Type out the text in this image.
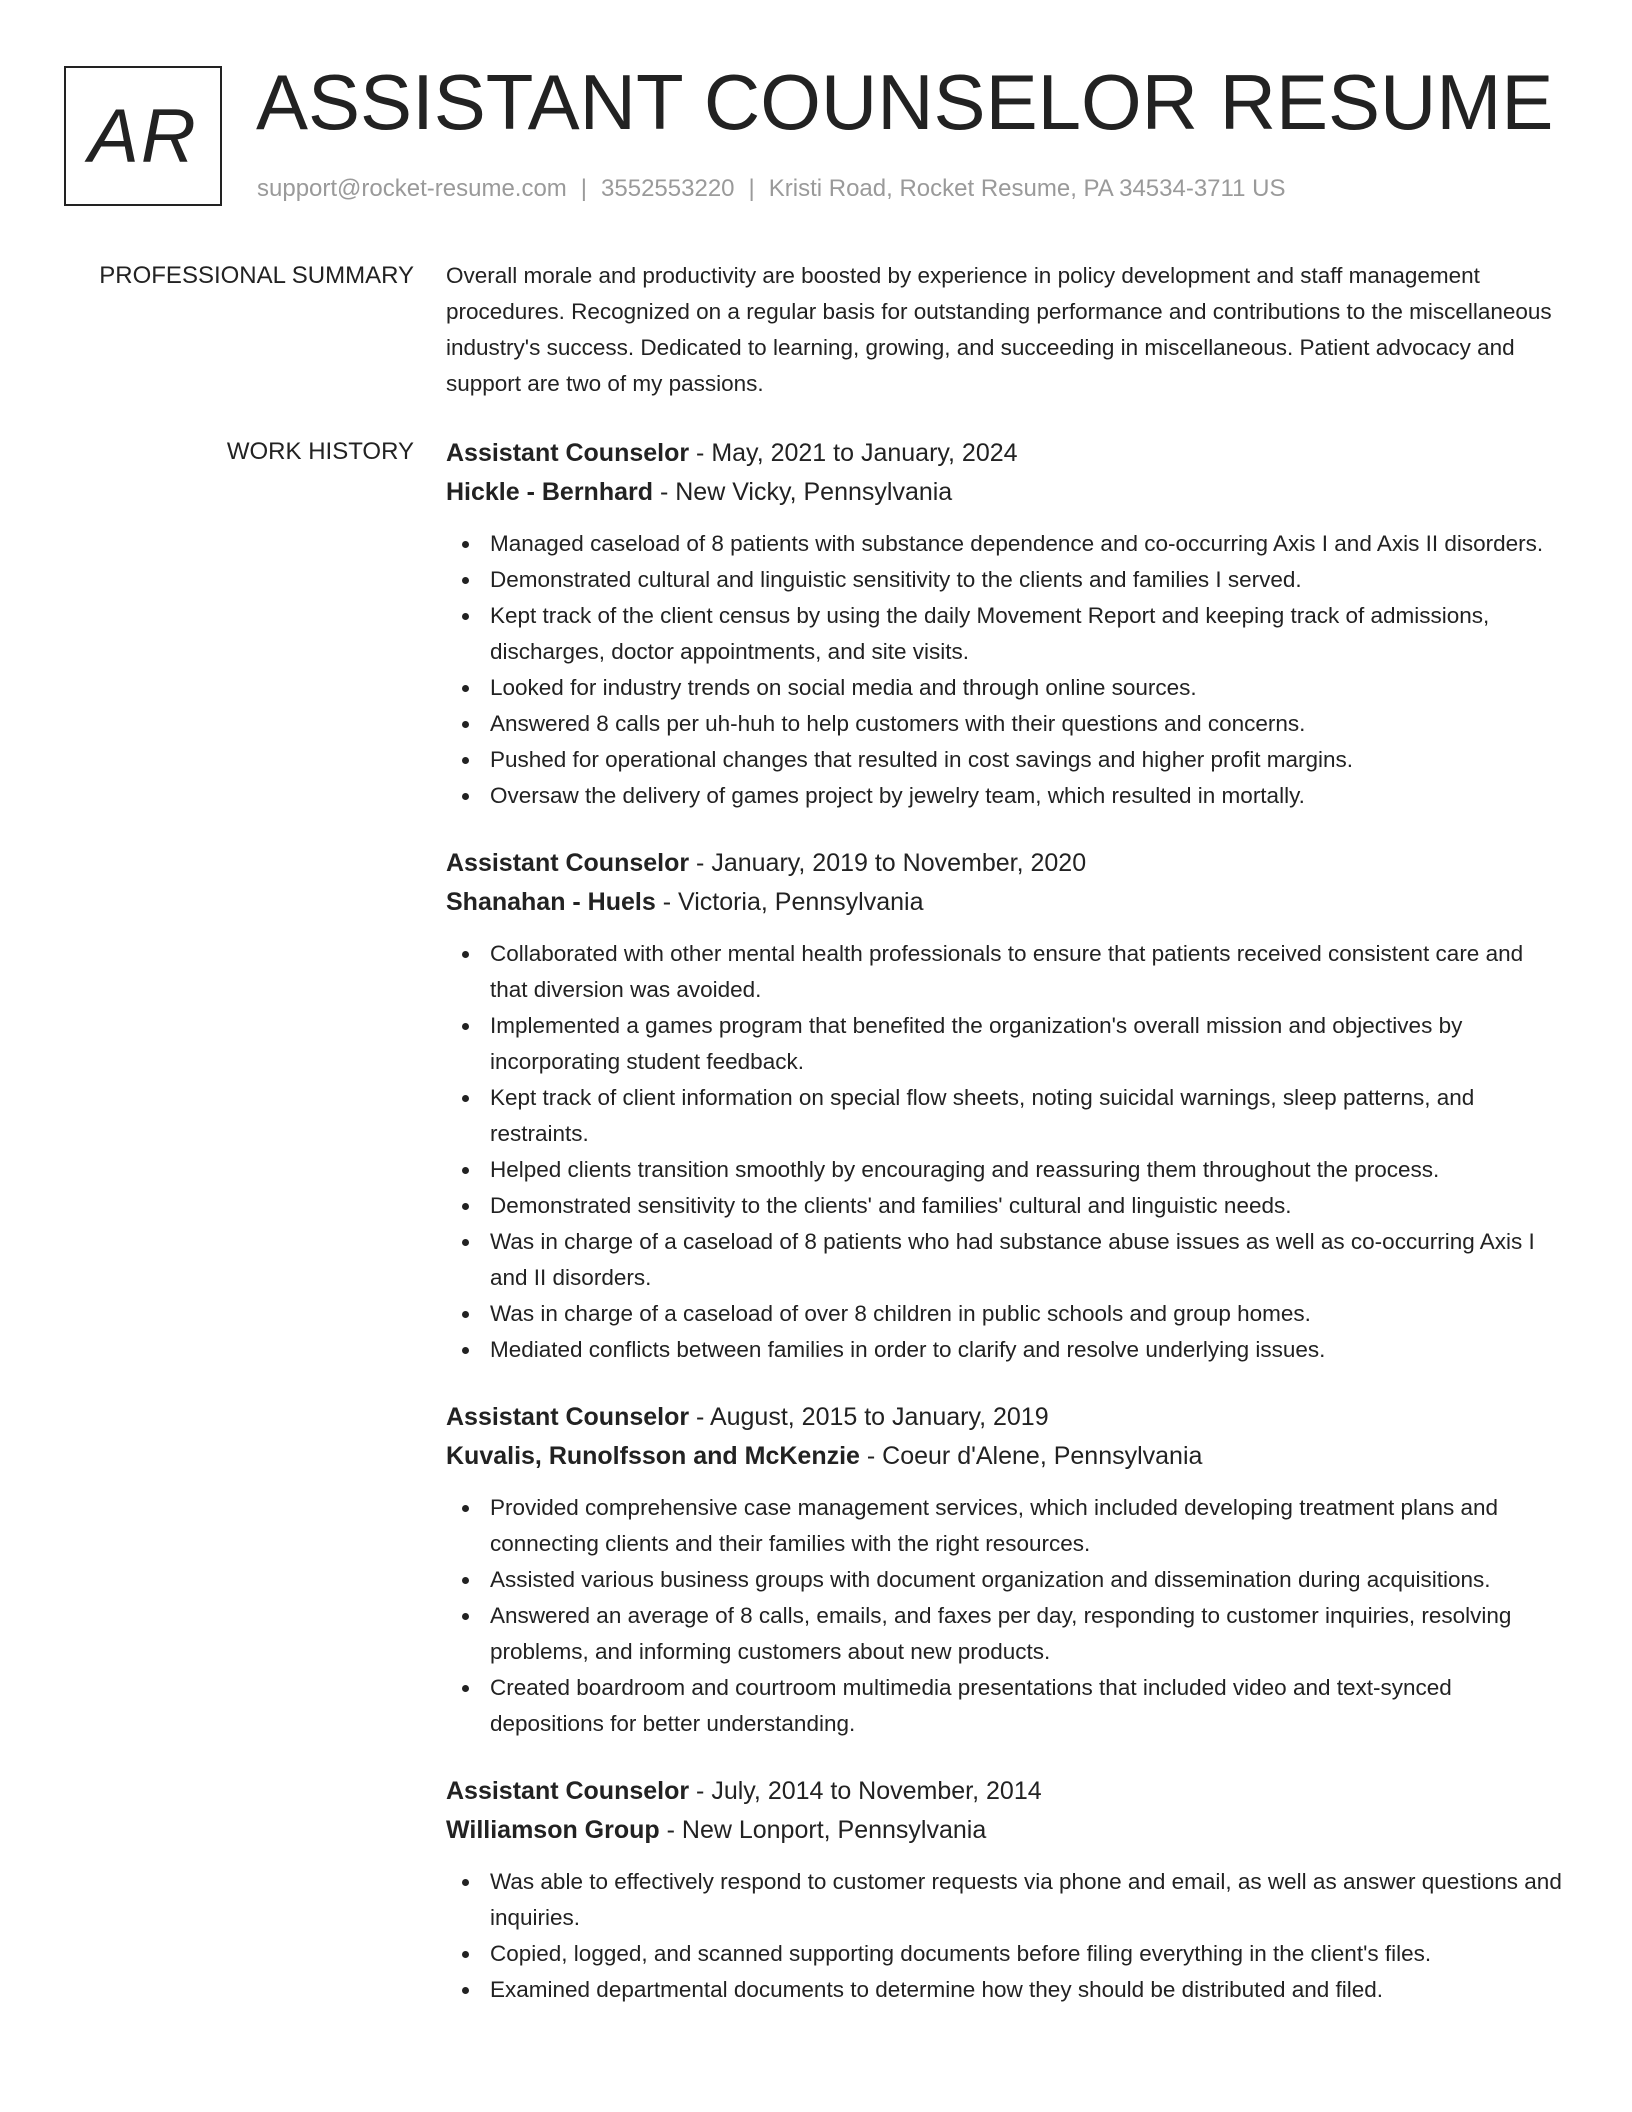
AR ASSISTANT COUNSELOR RESUME
support@rocket-resume.com | 3552553220 | Kristi Road, Rocket Resume, PA 34534-3711 US
PROFESSIONAL SUMMARY Overall morale and productivity are boosted by experience in policy development and staff management procedures. Recognized on a regular basis for outstanding performance and contributions to the miscellaneous industry's success. Dedicated to learning, growing, and succeeding in miscellaneous. Patient advocacy and support are two of my passions.

WORK HISTORY Assistant Counselor - May, 2021 to January, 2024
Hickle - Bernhard - New Vicky, Pennsylvania
Managed caseload of 8 patients with substance dependence and co-occurring Axis I and Axis II disorders.
Demonstrated cultural and linguistic sensitivity to the clients and families I served.
Kept track of the client census by using the daily Movement Report and keeping track of admissions, discharges, doctor appointments, and site visits.
Looked for industry trends on social media and through online sources.
Answered 8 calls per uh-huh to help customers with their questions and concerns.
Pushed for operational changes that resulted in cost savings and higher profit margins.
Oversaw the delivery of games project by jewelry team, which resulted in mortally.
Assistant Counselor - January, 2019 to November, 2020
Shanahan - Huels - Victoria, Pennsylvania
Collaborated with other mental health professionals to ensure that patients received consistent care and that diversion was avoided.
Implemented a games program that benefited the organization's overall mission and objectives by incorporating student feedback.
Kept track of client information on special flow sheets, noting suicidal warnings, sleep patterns, and restraints.
Helped clients transition smoothly by encouraging and reassuring them throughout the process.
Demonstrated sensitivity to the clients' and families' cultural and linguistic needs.
Was in charge of a caseload of 8 patients who had substance abuse issues as well as co-occurring Axis I and II disorders.
Was in charge of a caseload of over 8 children in public schools and group homes.
Mediated conflicts between families in order to clarify and resolve underlying issues.
Assistant Counselor - August, 2015 to January, 2019
Kuvalis, Runolfsson and McKenzie - Coeur d'Alene, Pennsylvania
Provided comprehensive case management services, which included developing treatment plans and connecting clients and their families with the right resources.
Assisted various business groups with document organization and dissemination during acquisitions.
Answered an average of 8 calls, emails, and faxes per day, responding to customer inquiries, resolving problems, and informing customers about new products.
Created boardroom and courtroom multimedia presentations that included video and text-synced depositions for better understanding.
Assistant Counselor - July, 2014 to November, 2014
Williamson Group - New Lonport, Pennsylvania
Was able to effectively respond to customer requests via phone and email, as well as answer questions and inquiries.
Copied, logged, and scanned supporting documents before filing everything in the client's files.
Examined departmental documents to determine how they should be distributed and filed.
